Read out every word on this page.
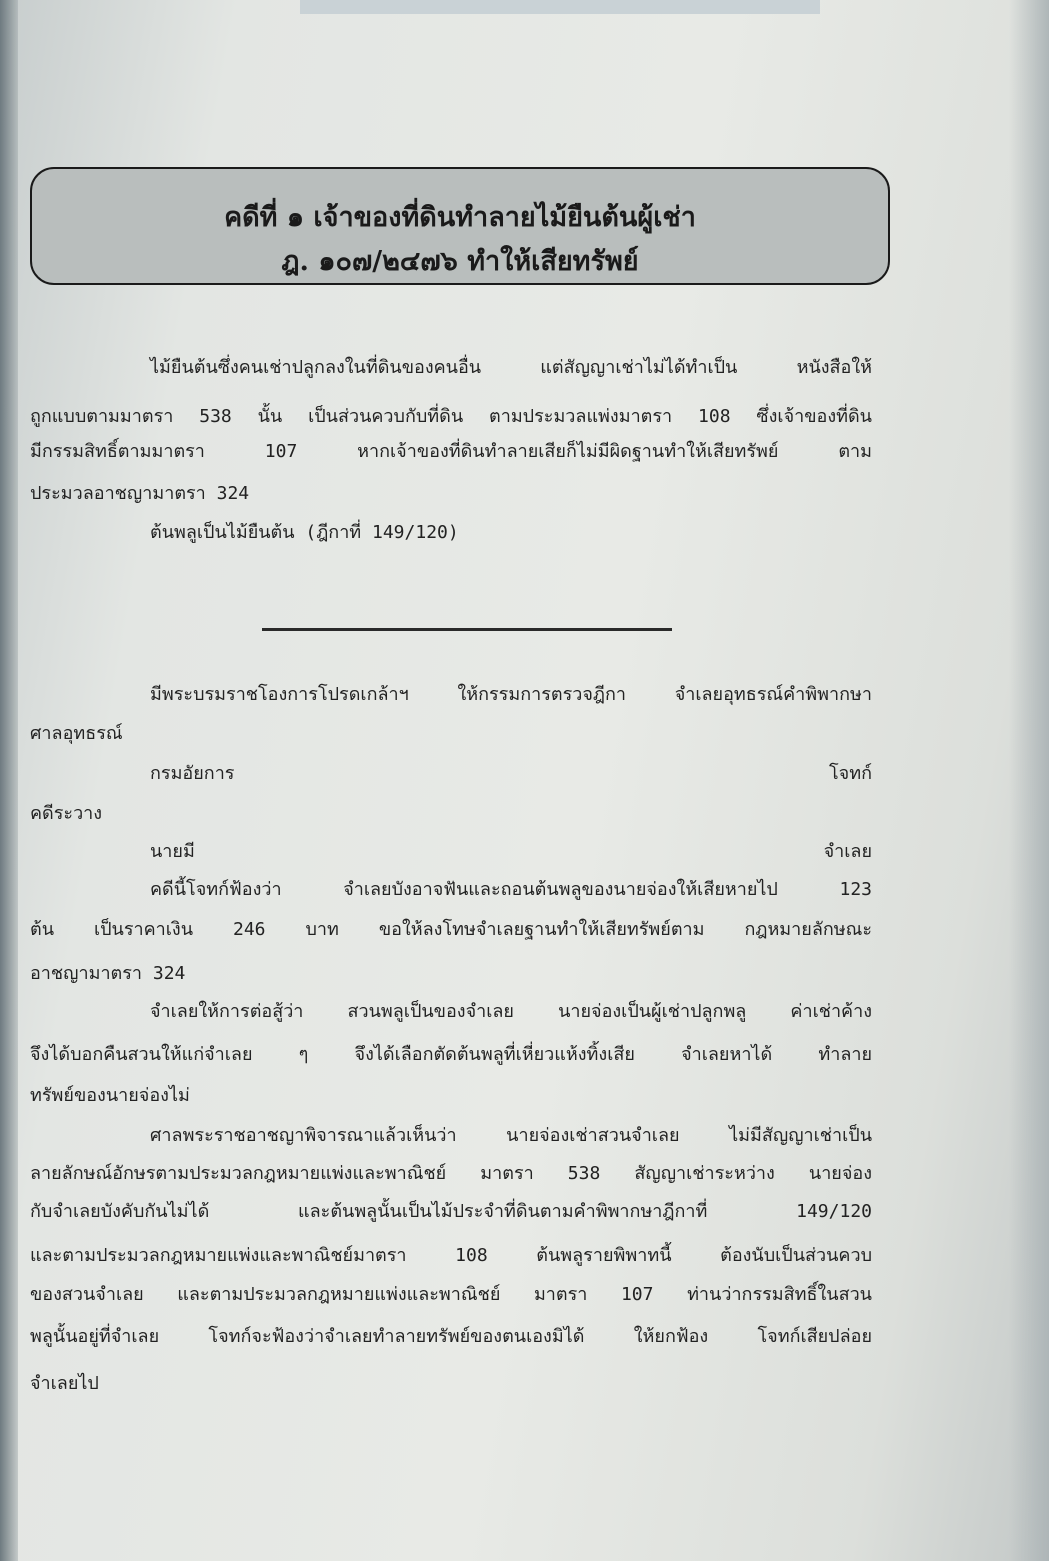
คดีที่ ๑ เจ้าของที่ดินทำลายไม้ยืนต้นผู้เช่า
ฎ. ๑๐๗/๒๔๗๖ ทำให้เสียทรัพย์
ไม้ยืนต้นซึ่งคนเช่าปลูกลงในที่ดินของคนอื่น แต่สัญญาเช่าไม่ได้ทำเป็น หนังสือให้
ถูกแบบตามมาตรา 538 นั้น เป็นส่วนควบกับที่ดิน ตามประมวลแพ่งมาตรา 108 ซึ่งเจ้าของที่ดิน
มีกรรมสิทธิ์ตามมาตรา 107 หากเจ้าของที่ดินทำลายเสียก็ไม่มีผิดฐานทำให้เสียทรัพย์ ตาม
ประมวลอาชญามาตรา 324
ต้นพลูเป็นไม้ยืนต้น (ฎีกาที่ 149/120)
มีพระบรมราชโองการโปรดเกล้าฯ ให้กรรมการตรวจฎีกา จำเลยอุทธรณ์คำพิพากษา
ศาลอุทธรณ์
กรมอัยการ	โจทก์
คดีระวาง
นายมี	จำเลย
คดีนี้โจทก์ฟ้องว่า จำเลยบังอาจฟันและถอนต้นพลูของนายจ่องให้เสียหายไป 123
ต้น เป็นราคาเงิน 246 บาท ขอให้ลงโทษจำเลยฐานทำให้เสียทรัพย์ตาม กฎหมายลักษณะ
อาชญามาตรา 324
จำเลยให้การต่อสู้ว่า สวนพลูเป็นของจำเลย นายจ่องเป็นผู้เช่าปลูกพลู ค่าเช่าค้าง
จึงได้บอกคืนสวนให้แก่จำเลย ๆ จึงได้เลือกตัดต้นพลูที่เหี่ยวแห้งทิ้งเสีย จำเลยหาได้ ทำลาย
ทรัพย์ของนายจ่องไม่
ศาลพระราชอาชญาพิจารณาแล้วเห็นว่า นายจ่องเช่าสวนจำเลย ไม่มีสัญญาเช่าเป็น
ลายลักษณ์อักษรตามประมวลกฎหมายแพ่งและพาณิชย์ มาตรา 538 สัญญาเช่าระหว่าง นายจ่อง
กับจำเลยบังคับกันไม่ได้ และต้นพลูนั้นเป็นไม้ประจำที่ดินตามคำพิพากษาฎีกาที่ 149/120
และตามประมวลกฎหมายแพ่งและพาณิชย์มาตรา 108 ต้นพลูรายพิพาทนี้ ต้องนับเป็นส่วนควบ
ของสวนจำเลย และตามประมวลกฎหมายแพ่งและพาณิชย์ มาตรา 107 ท่านว่ากรรมสิทธิ์ในสวน
พลูนั้นอยู่ที่จำเลย โจทก์จะฟ้องว่าจำเลยทำลายทรัพย์ของตนเองมิได้ ให้ยกฟ้อง โจทก์เสียปล่อย
จำเลยไป
